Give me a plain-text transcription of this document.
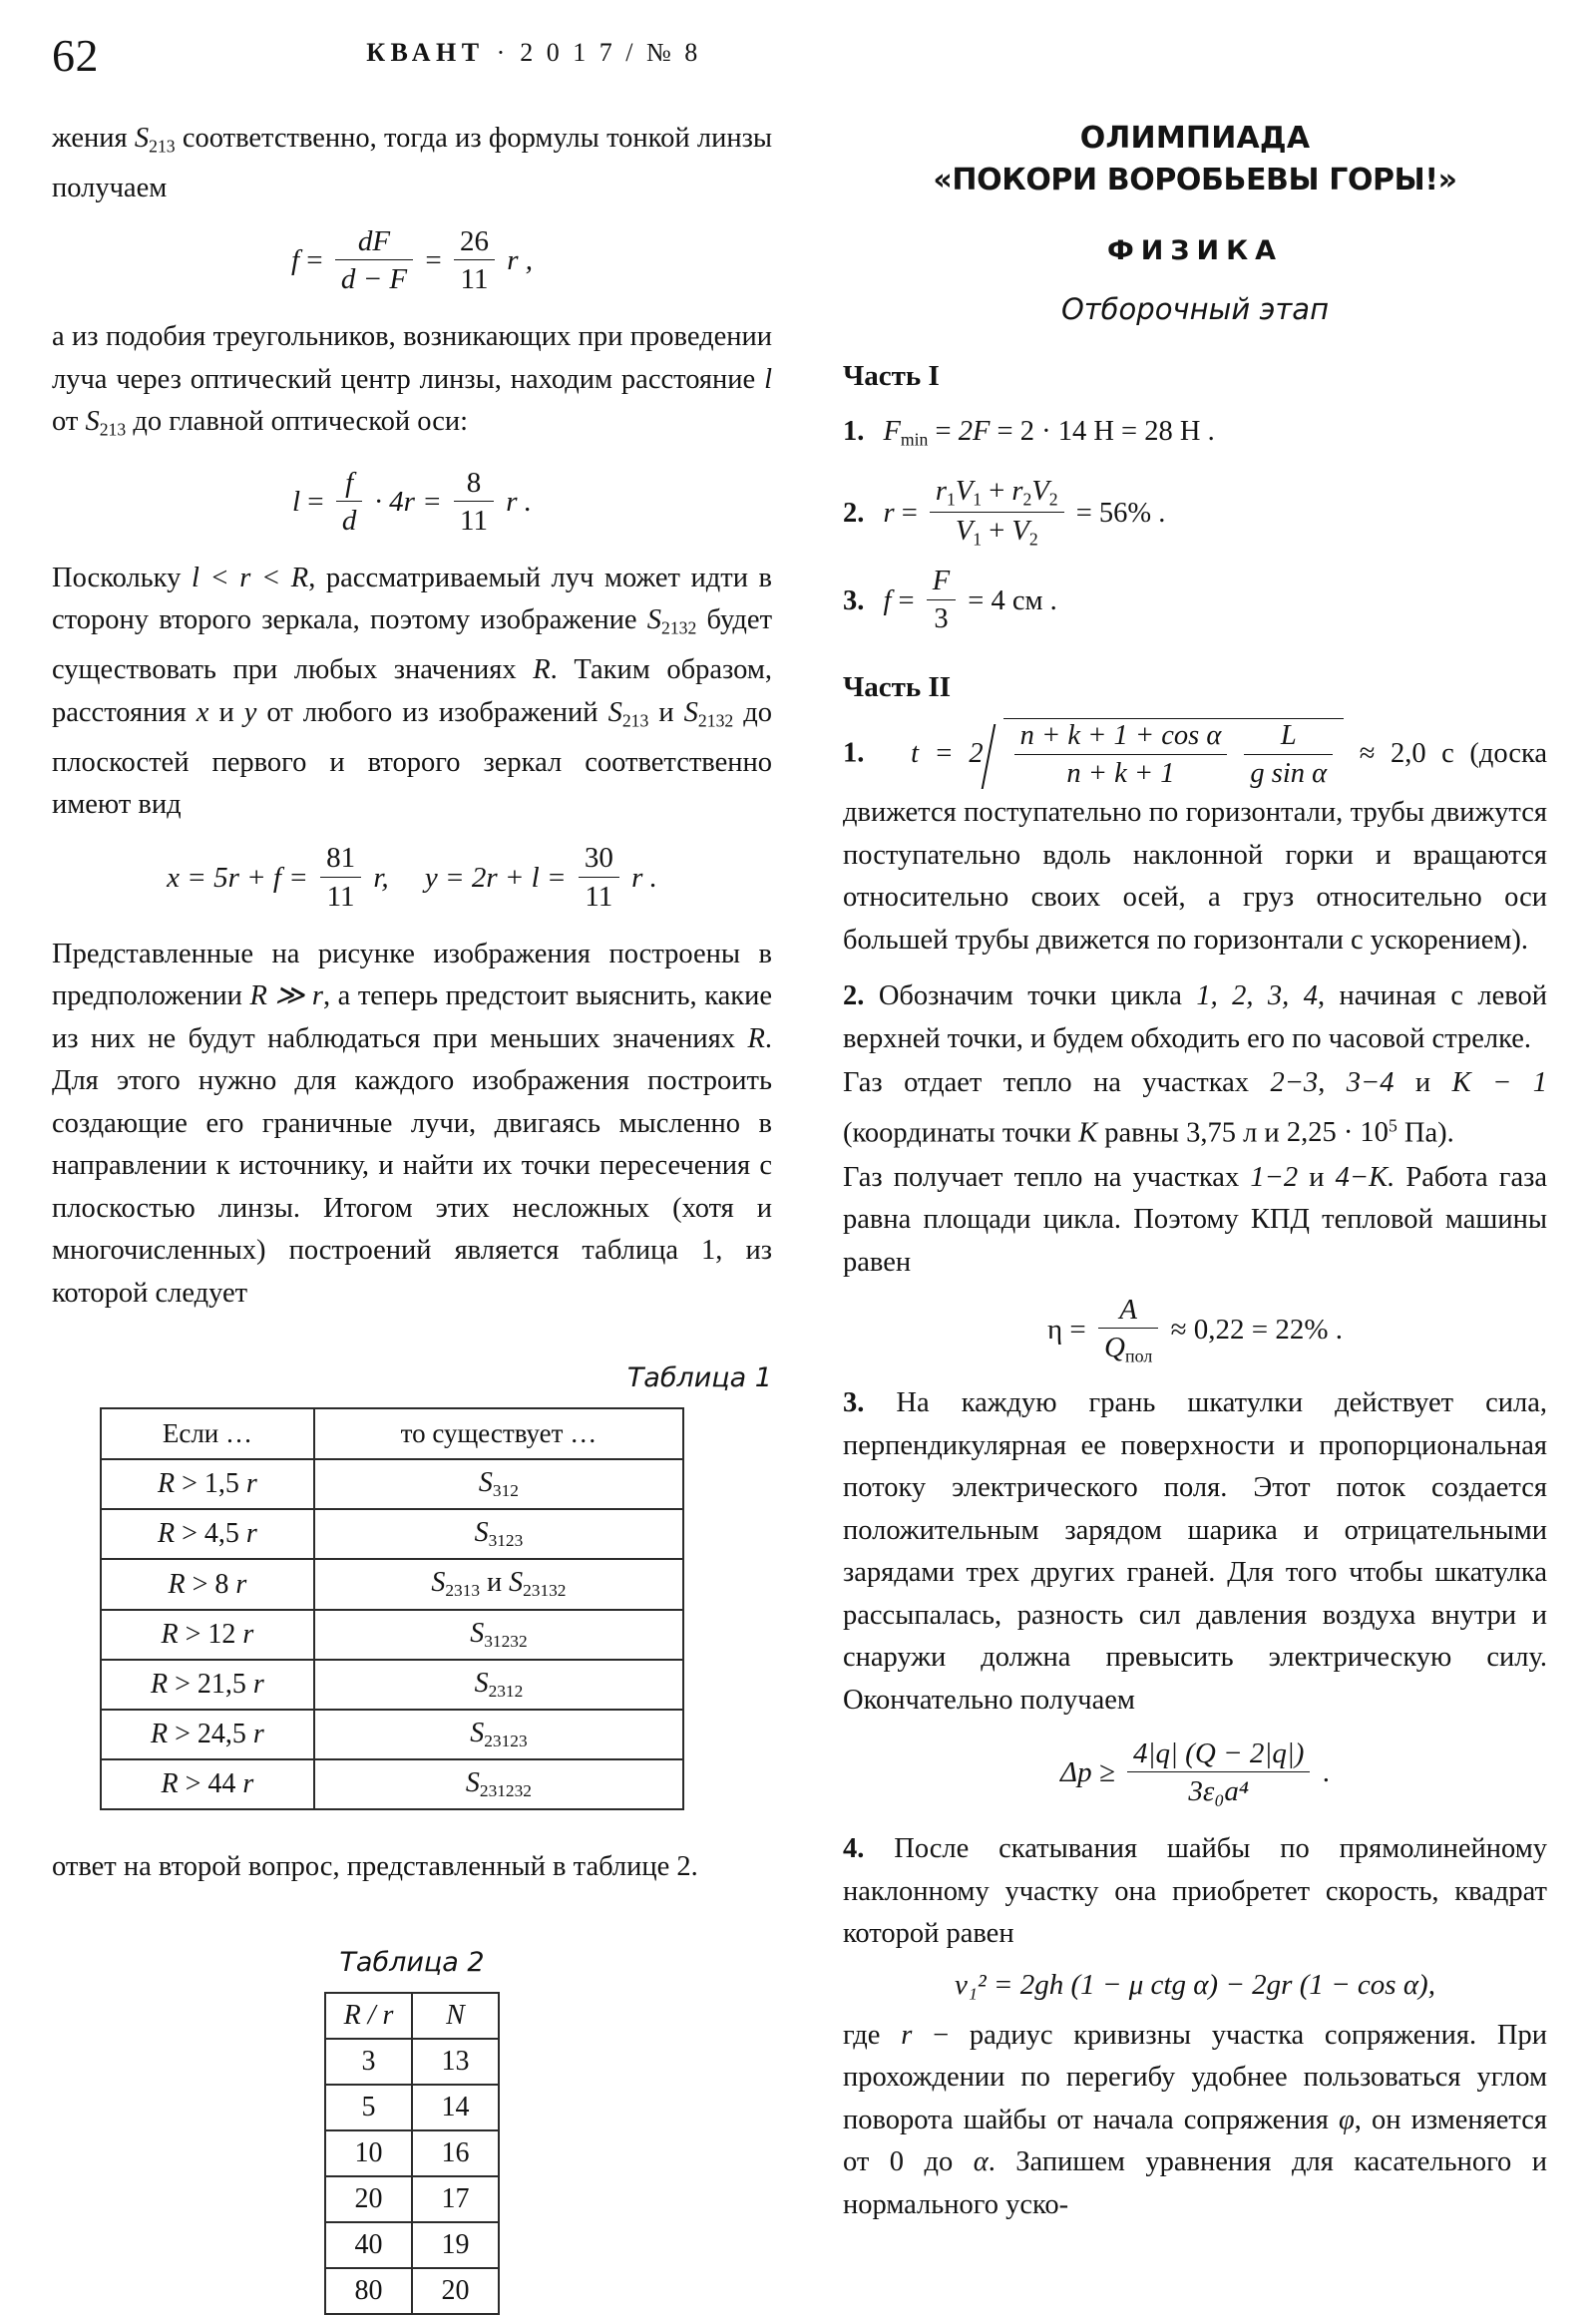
62	КВАНТ · 2 0 1 7 / № 8

жения $S_{213}$ соответственно, тогда из формулы тонкой линзы получаем

$f = \frac{dF}{d - F} = \frac{26}{11}$ r ,

а из подобия треугольников, возникающих при проведении луча через оптический центр линзы, находим расстояние l от $S_{213}$ до главной оптической оси:

$l = \frac{f}{d} \cdot 4r = \frac{8}{11}$ r .

Поскольку l < r < R, рассматриваемый луч может идти в сторону второго зеркала, поэтому изображение $S_{2132}$ будет существовать при любых значениях R. Таким образом, расстояния x и y от любого из изображений $S_{213}$ и $S_{2132}$ до плоскостей первого и второго зеркал соответственно имеют вид

$x = 5r + f = \frac{81}{11} r$, $y = 2r + l = \frac{30}{11}$ r .

Представленные на рисунке изображения построены в предположении R ≫ r, а теперь предстоит выяснить, какие из них не будут наблюдаться при меньших значениях R. Для этого нужно для каждого изображения построить создающие его граничные лучи, двигаясь мысленно в направлении к источнику, и найти их точки пересечения с плоскостью линзы. Итогом этих несложных (хотя и многочисленных) построений является таблица 1, из которой следует

Таблица 1
Если …	то существует …
R > 1,5 r	$S_{312}$
R > 4,5 r	$S_{3123}$
R > 8 r	$S_{2313}$ и $S_{23132}$
R > 12 r	$S_{31232}$
R > 21,5 r	$S_{2312}$
R > 24,5 r	$S_{23123}$
R > 44 r	$S_{231232}$

ответ на второй вопрос, представленный в таблице 2.

Таблица 2
R / r	N
3	13
5	14
10	16
20	17
40	19
80	20
ОЛИМПИАДА
«ПОКОРИ ВОРОБЬЕВЫ ГОРЫ!»
ФИЗИКА
Отборочный этап
Часть I
1. $F_{min} = 2F = 2 \cdot 14$ Н = 28 Н .
2. $r = \frac{r_1V_1 + r_2V_2}{V_1 + V_2} = 56\%$ .
3. $f = \frac{F}{3} = 4$ см .
Часть II
1. $t = 2 \frac{\text{n + k + 1 + cos α}}{n + k + 1}$
$\frac{L}{\text{g sin α}} \approx 2,0$ с (доска движется поступательно по горизонтали, трубы движутся поступательно вдоль наклонной горки и вращаются относительно своих осей, а груз относительно оси большей трубы движется по горизонтали с ускорением).
2. Обозначим точки цикла 1, 2, 3, 4, начиная с левой верхней точки, и будем обходить его по часовой стрелке.
Газ отдает тепло на участках 2−3, 3−4 и K − 1 (координаты точки K равны 3,75 л и $2,25 \cdot 10^5$ Па).
Газ получает тепло на участках 1−2 и 4−K. Работа газа равна площади цикла. Поэтому КПД тепловой машины равен
$\eta = \frac{A}{Q_{пол}} \approx 0,22 = 22\%$ .
3. На каждую грань шкатулки действует сила, перпендикулярная ее поверхности и пропорциональная потоку электрического поля. Этот поток создается положительным зарядом шарика и отрицательными зарядами трех других граней. Для того чтобы шкатулка рассыпалась, разность сил давления воздуха внутри и снаружи должна превысить электрическую силу. Окончательно получаем
$\Delta p \ge \frac{4|q| (Q - 2|q|)}{\text{3ε₀a⁴}}$ .
4. После скатывания шайбы по прямолинейному наклонному участку она приобретет скорость, квадрат которой равен
v₁² = 2gh (1 − μ ctg α) − 2gr (1 − cos α),
где r − радиус кривизны участка сопряжения. При прохождении по перегибу удобнее пользоваться углом поворота шайбы от начала сопряжения φ, он изменяется от 0 до α. Запишем уравнения для касательного и нормального уско-
